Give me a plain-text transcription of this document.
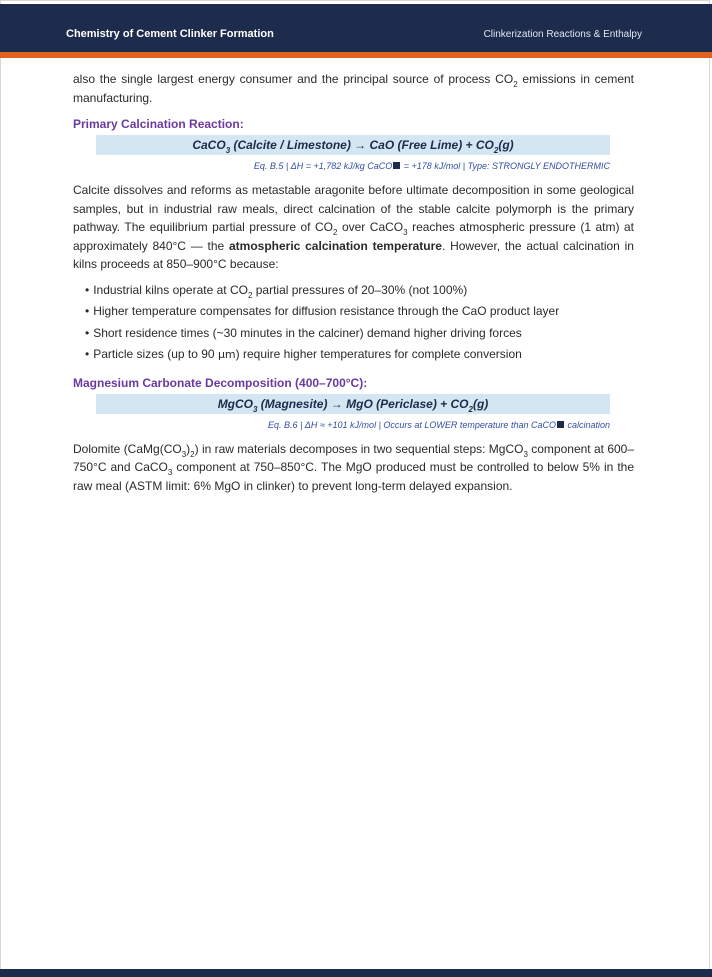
Chemistry of Cement Clinker Formation	Clinkerization Reactions & Enthalpy

also the single largest energy consumer and the principal source of process $CO_2$ emissions in cement manufacturing.

Primary Calcination Reaction:
CaCO$_3$ (Calcite / Limestone) → CaO (Free Lime) + $CO_2(g)$
Eq. B.5 | ΔH = +1,782 kJ/kg CaCO = +178 kJ/mol | Type: STRONGLY ENDOTHERMIC

Calcite dissolves and reforms as metastable aragonite before ultimate decomposition in some geological samples, but in industrial raw meals, direct calcination of the stable calcite polymorph is the primary pathway. The equilibrium partial pressure of $CO_2$ over CaCO$_3$ reaches atmospheric pressure (1 atm) at approximately 840°C — the atmospheric calcination temperature. However, the actual calcination in kilns proceeds at 850–900°C because:

• Industrial kilns operate at $CO_2$ partial pressures of 20–30% (not 100%)
• Higher temperature compensates for diffusion resistance through the CaO product layer
• Short residence times (~30 minutes in the calciner) demand higher driving forces
• Particle sizes (up to 90 μm) require higher temperatures for complete conversion
Magnesium Carbonate Decomposition (400–700°C):
MgCO$_3$ (Magnesite) → MgO (Periclase) + $CO_2(g)$
Eq. B.6 | ΔH ≈ +101 kJ/mol | Occurs at LOWER temperature than CaCO calcination

Dolomite $(CaMg(CO_3)_2)$ in raw materials decomposes in two sequential steps: MgCO$_3$ component at 600–750°C and CaCO$_3$ component at 750–850°C. The MgO produced must be controlled to below 5% in the raw meal (ASTM limit: 6% MgO in clinker) to prevent long-term delayed expansion.
